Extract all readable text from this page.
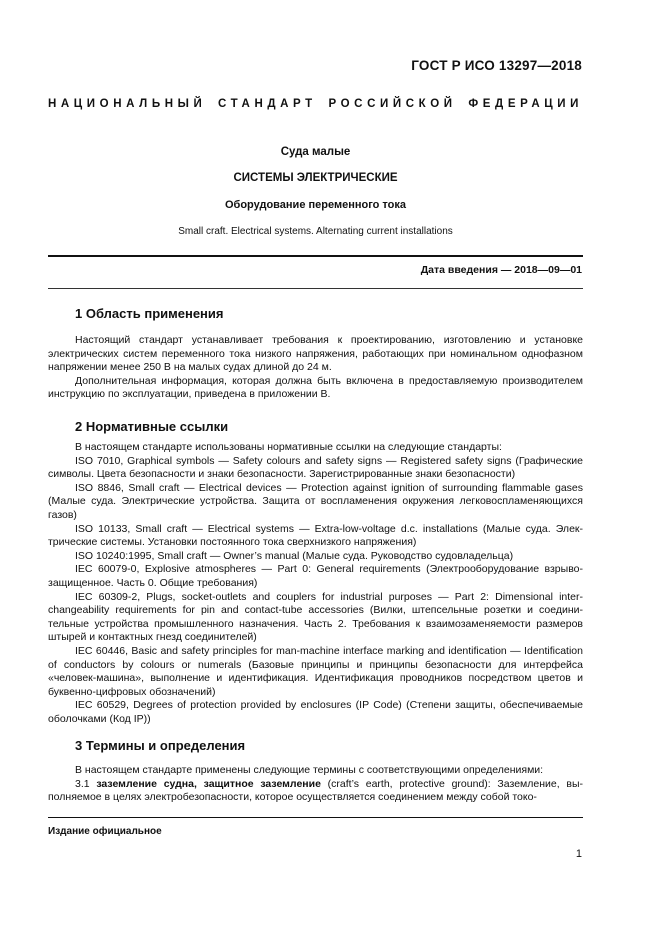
ГОСТ Р ИСО 13297—2018
НАЦИОНАЛЬНЫЙ СТАНДАРТ РОССИЙСКОЙ ФЕДЕРАЦИИ
Суда малые
СИСТЕМЫ ЭЛЕКТРИЧЕСКИЕ
Оборудование переменного тока
Small craft. Electrical systems. Alternating current installations
Дата введения — 2018—09—01
1 Область применения

Настоящий стандарт устанавливает требования к проектированию, изготовлению и установке электрических систем переменного тока низкого напряжения, работающих при номинальном однофазном напряжении менее 250 В на малых судах длиной до 24 м.

Дополнительная информация, которая должна быть включена в предоставляемую производителем инструкцию по эксплуатации, приведена в приложении В.

2 Нормативные ссылки

В настоящем стандарте использованы нормативные ссылки на следующие стандарты:

ISO 7010, Graphical symbols — Safety colours and safety signs — Registered safety signs (Графические символы. Цвета безопасности и знаки безопасности. Зарегистрированные знаки безопасности)

ISO 8846, Small craft — Electrical devices — Protection against ignition of surrounding flammable gases (Малые суда. Электрические устройства. Защита от воспламенения окружения легковоспламеняющихся газов)

ISO 10133, Small craft — Electrical systems — Extra-low-voltage d.c. installations (Малые суда. Электрические системы. Установки постоянного тока сверхнизкого напряжения)

ISO 10240:1995, Small craft — Owner’s manual (Малые суда. Руководство судовладельца)

IEC 60079-0, Explosive atmospheres — Part 0: General requirements (Электрооборудование взрывозащищенное. Часть 0. Общие требования)

IEC 60309-2, Plugs, socket-outlets and couplers for industrial purposes — Part 2: Dimensional interchangeability requirements for pin and contact-tube accessories (Вилки, штепсельные розетки и соединительные устройства промышленного назначения. Часть 2. Требования к взаимозаменяемости размеров штырей и контактных гнезд соединителей)

IEC 60446, Basic and safety principles for man-machine interface marking and identification — Identification of conductors by colours or numerals (Базовые принципы и принципы безопасности для интерфейса «человек-машина», выполнение и идентификация. Идентификация проводников посредством цветов и буквенно-цифровых обозначений)

IEC 60529, Degrees of protection provided by enclosures (IP Code) (Степени защиты, обеспечиваемые оболочками (Код IP))

3 Термины и определения

В настоящем стандарте применены следующие термины с соответствующими определениями:

3.1 заземление судна, защитное заземление (craft’s earth, protective ground): Заземление, выполняемое в целях электробезопасности, которое осуществляется соединением между собой токо-

Издание официальное
1
